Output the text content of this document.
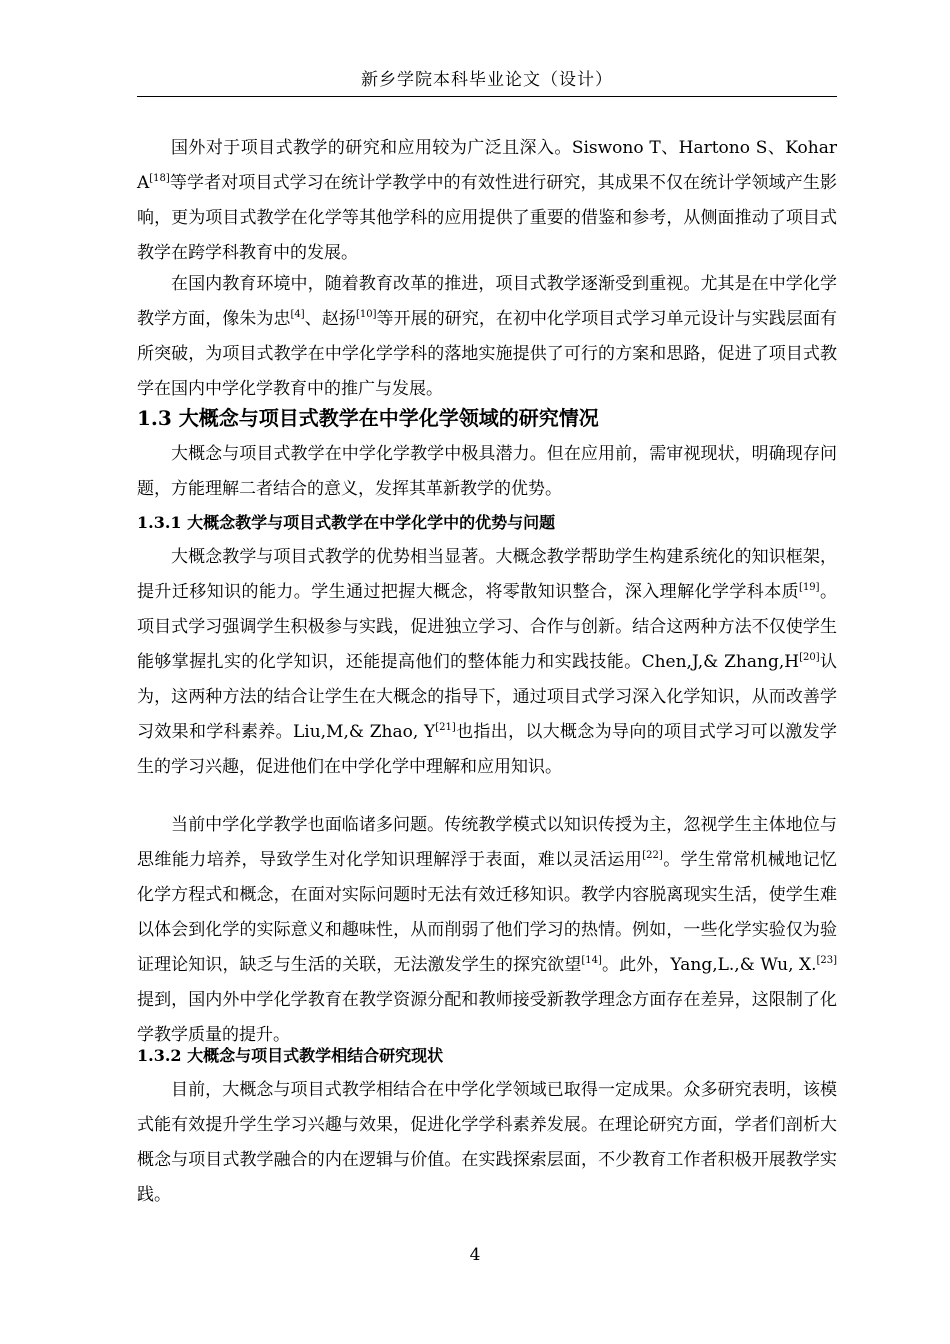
新乡学院本科毕业论文（设计）

国外对于项目式教学的研究和应用较为广泛且深入。Siswono T、Hartono S、Kohar A[18]等学者对项目式学习在统计学教学中的有效性进行研究，其成果不仅在统计学领域产生影响，更为项目式教学在化学等其他学科的应用提供了重要的借鉴和参考，从侧面推动了项目式教学在跨学科教育中的发展。

在国内教育环境中，随着教育改革的推进，项目式教学逐渐受到重视。尤其是在中学化学教学方面，像朱为忠[4]、赵扬[10]等开展的研究，在初中化学项目式学习单元设计与实践层面有所突破，为项目式教学在中学化学学科的落地实施提供了可行的方案和思路，促进了项目式教学在国内中学化学教育中的推广与发展。

1.3 大概念与项目式教学在中学化学领域的研究情况

大概念与项目式教学在中学化学教学中极具潜力。但在应用前，需审视现状，明确现存问题，方能理解二者结合的意义，发挥其革新教学的优势。

1.3.1 大概念教学与项目式教学在中学化学中的优势与问题

大概念教学与项目式教学的优势相当显著。大概念教学帮助学生构建系统化的知识框架，提升迁移知识的能力。学生通过把握大概念，将零散知识整合，深入理解化学学科本质[19]。项目式学习强调学生积极参与实践，促进独立学习、合作与创新。结合这两种方法不仅使学生能够掌握扎实的化学知识，还能提高他们的整体能力和实践技能。Chen,J,& Zhang,H[20]认为，这两种方法的结合让学生在大概念的指导下，通过项目式学习深入化学知识，从而改善学习效果和学科素养。Liu,M,& Zhao, Y[21]也指出，以大概念为导向的项目式学习可以激发学生的学习兴趣，促进他们在中学化学中理解和应用知识。

当前中学化学教学也面临诸多问题。传统教学模式以知识传授为主，忽视学生主体地位与思维能力培养，导致学生对化学知识理解浮于表面，难以灵活运用[22]。学生常常机械地记忆化学方程式和概念，在面对实际问题时无法有效迁移知识。教学内容脱离现实生活，使学生难以体会到化学的实际意义和趣味性，从而削弱了他们学习的热情。例如，一些化学实验仅为验证理论知识，缺乏与生活的关联，无法激发学生的探究欲望[14]。此外，Yang,L.,& Wu, X.[23]提到，国内外中学化学教育在教学资源分配和教师接受新教学理念方面存在差异，这限制了化学教学质量的提升。

1.3.2 大概念与项目式教学相结合研究现状

目前，大概念与项目式教学相结合在中学化学领域已取得一定成果。众多研究表明，该模式能有效提升学生学习兴趣与效果，促进化学学科素养发展。在理论研究方面，学者们剖析大概念与项目式教学融合的内在逻辑与价值。在实践探索层面，不少教育工作者积极开展教学实践。

4
